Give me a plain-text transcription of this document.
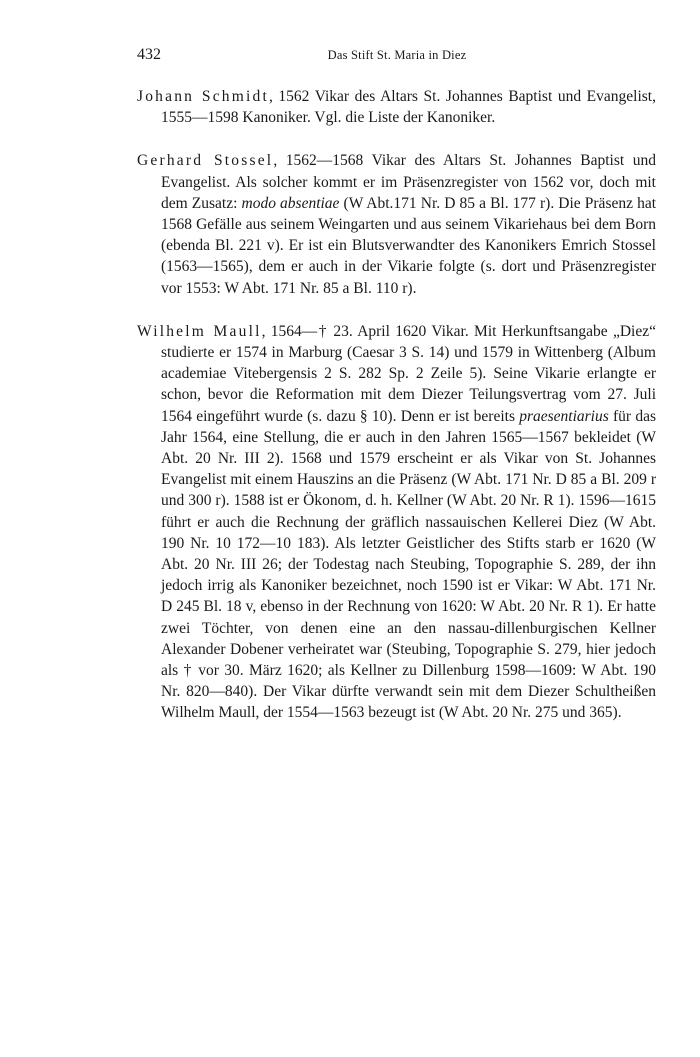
432	Das Stift St. Maria in Diez

Johann Schmidt, 1562 Vikar des Altars St. Johannes Baptist und Evangelist, 1555—1598 Kanoniker. Vgl. die Liste der Kanoniker.

Gerhard Stossel, 1562—1568 Vikar des Altars St. Johannes Baptist und Evangelist. Als solcher kommt er im Präsenzregister von 1562 vor, doch mit dem Zusatz: modo absentiae (W Abt.171 Nr. D 85 a Bl. 177 r). Die Präsenz hat 1568 Gefälle aus seinem Weingarten und aus seinem Vikariehaus bei dem Born (ebenda Bl. 221 v). Er ist ein Blutsverwandter des Kanonikers Emrich Stossel (1563—1565), dem er auch in der Vikarie folgte (s. dort und Präsenzregister vor 1553: W Abt. 171 Nr. 85 a Bl. 110 r).

Wilhelm Maull, 1564—† 23. April 1620 Vikar. Mit Herkunftsangabe „Diez“ studierte er 1574 in Marburg (Caesar 3 S. 14) und 1579 in Wittenberg (Album academiae Vitebergensis 2 S. 282 Sp. 2 Zeile 5). Seine Vikarie erlangte er schon, bevor die Reformation mit dem Diezer Teilungsvertrag vom 27. Juli 1564 eingeführt wurde (s. dazu § 10). Denn er ist bereits praesentiarius für das Jahr 1564, eine Stellung, die er auch in den Jahren 1565—1567 bekleidet (W Abt. 20 Nr. III 2). 1568 und 1579 erscheint er als Vikar von St. Johannes Evangelist mit einem Hauszins an die Präsenz (W Abt. 171 Nr. D 85 a Bl. 209 r und 300 r). 1588 ist er Ökonom, d. h. Kellner (W Abt. 20 Nr. R 1). 1596—1615 führt er auch die Rechnung der gräflich nassauischen Kellerei Diez (W Abt. 190 Nr. 10 172—10 183). Als letzter Geistlicher des Stifts starb er 1620 (W Abt. 20 Nr. III 26; der Todestag nach Steubing, Topographie S. 289, der ihn jedoch irrig als Kanoniker bezeichnet, noch 1590 ist er Vikar: W Abt. 171 Nr. D 245 Bl. 18 v, ebenso in der Rechnung von 1620: W Abt. 20 Nr. R 1). Er hatte zwei Töchter, von denen eine an den nassau-dillenburgischen Kellner Alexander Dobener verheiratet war (Steubing, Topographie S. 279, hier jedoch als † vor 30. März 1620; als Kellner zu Dillenburg 1598—1609: W Abt. 190 Nr. 820—840). Der Vikar dürfte verwandt sein mit dem Diezer Schultheißen Wilhelm Maull, der 1554—1563 bezeugt ist (W Abt. 20 Nr. 275 und 365).
